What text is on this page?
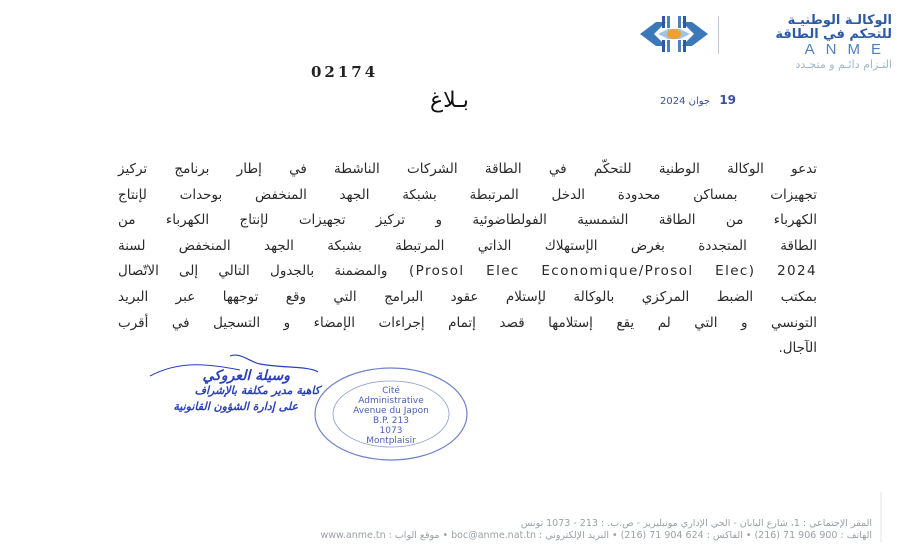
الوكالـة الوطنيـة
للتحكم في الطاقة
ANME
التـزام دائـم و متجـدد
02174
بـلاغ	19 جوان 2024
تدعو الوكالة الوطنية للتحكّم في الطاقة الشركات الناشطة في إطار برنامج تركيز
تجهيزات بمساكن محدودة الدخل المرتبطة بشبكة الجهد المنخفض بوحدات لإنتاج
الكهرباء من الطاقة الشمسية الفولطاضوئية و تركيز تجهيزات لإنتاج الكهرباء من
الطاقة المتجددة بغرض الإستهلاك الذاتي المرتبطة بشبكة الجهد المنخفض لسنة
2024 (Prosol Elec Economique/Prosol Elec) والمضمنة بالجدول التالي إلى الاتّصال
بمكتب الضبط المركزي بالوكالة لإستلام عقود البرامج التي وقع توجهها عبر البريد
التونسي و التي لم يقع إستلامها قصد إتمام إجراءات الإمضاء و التسجيل في أقرب
الآجال.
وسيلة العروكي
كاهية مدير مكلفة بالإشراف
على إدارة الشؤون القانونية
Cité
Administrative
Avenue du Japon
B.P. 213
1073
Montplaisir
المقر الإجتماعي : 1، شارع اليابان - الحي الإداري مونبليزير - ص.ب. : 213 - 1073 تونس
الهاتف : 900 906 71 (216) • الفاكس : 624 904 71 (216) • البريد الإلكتروني : boc@anme.nat.tn • موقع الواب : www.anme.tn
